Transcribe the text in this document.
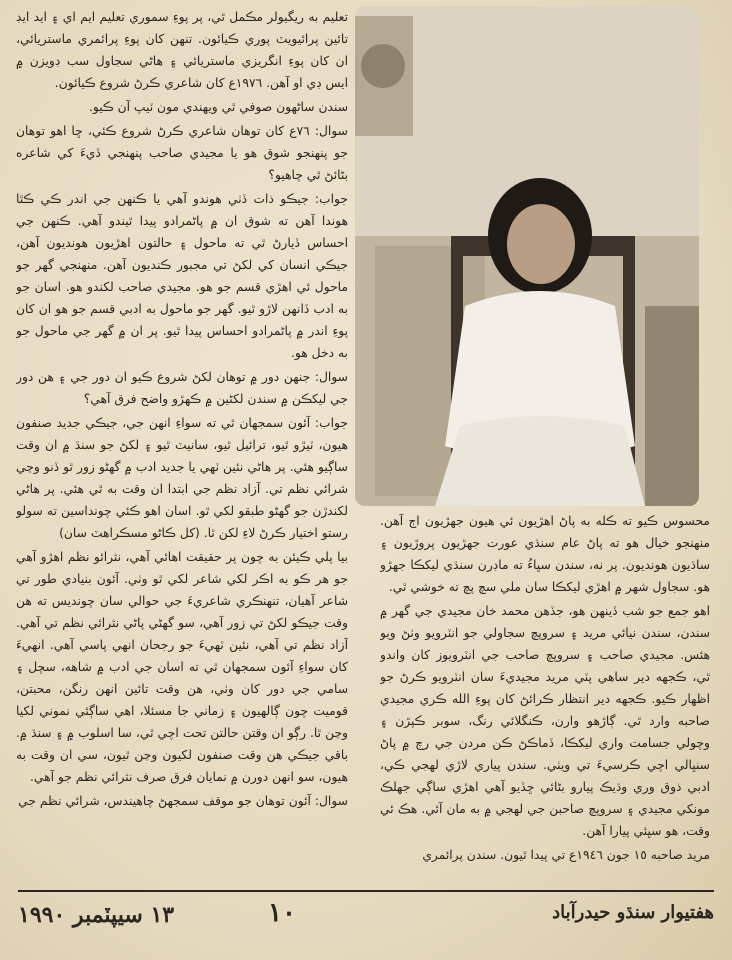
تعليم به ريگيولر مڪمل ٿي، پر پوءِ سموري تعليم ايم اي ۽ ايد ايڊ تائين پرائيويٽ پوري ڪيائون. تنهن کان پوءِ پرائمري ماستريائي، ان کان پوءِ انگريزي ماستريائي ۽ هاڻي سجاول سب ڊويزن ۾ ايس ڊي او آهن. ١٩٧٦ع کان شاعري ڪرڻ شروع ڪيائون.

سندن ساڻهون صوفي ٿي ويهندي مون ٽيپ آن ڪيو.

سوال: ٧٦ع کان توهان شاعري ڪرڻ شروع ڪئي، ڇا اهو توهان جو پنهنجو شوق هو يا مجيدي صاحب پنهنجي ڏيءَ کي شاعره بڻائڻ ٿي چاهيو؟

جواب: جيڪو ذات ڏٺي هوندو آهي يا ڪنهن جي اندر ڪي ڪٿا هوندا آهن ته شوق ان ۾ پاڻمرادو پيدا ٿيندو آهي. ڪنهن جي احساس ڏيارڻ ٿي ته ماحول ۽ حالتون اهڙيون هونديون آهن، جيڪي انسان کي لکڻ تي مجبور ڪنديون آهن. منهنجي گهر جو ماحول ئي اهڙي قسم جو هو. مجيدي صاحب لکندو هو. اسان جو به ادب ڏانهن لاڙو ٿيو. گهر جو ماحول به ادبي قسم جو هو ان کان پوءِ اندر ۾ پاڻمرادو احساس پيدا ٿيو. پر ان ۾ گهر جي ماحول جو به دخل هو.

سوال: جنهن دور ۾ توهان لکڻ شروع ڪيو ان دور جي ۽ هن دور جي ليکڪن ۾ سندن لکڻين ۾ ڪهڙو واضح فرق آهي؟

جواب: آئون سمجهان ٿي ته سواءِ انهن جي، جيڪي جديد صنفون هيون، ٽيڙو ٿيو، ترائيل ٿيو، سانيٽ ٿيو ۽ لکڻ جو سنڌ ۾ ان وقت ساڳيو هئي. پر هاڻي نئين ٽهي يا جديد ادب ۾ گهڻو زور ٿو ڏنو وڃي شرائي نظم تي. آزاد نظم جي ابتدا ان وقت به ٿي هئي. پر هاڻي لکندڙن جو گهڻو طبقو لکي ٿو. اسان اهو ڪئي چونداسين ته سولو رستو اختيار ڪرڻ لاءِ لکن ٿا. (کل ڪاڻو مسڪراهٽ سان)

بيا پلي ڪيئن به چون پر حقيقت اهائي آهي، نثرائو نظم اهڙو آهي جو هر ڪو به اڪر لکي شاعر لکي ٿو وٺي. آئون بنيادي طور تي شاعر آهيان، تنهنڪري شاعريءَ جي حوالي سان چونديس ته هن وقت جيڪو لکڻ تي زور آهي، سو گهڻي پاڻي نثرائي نظم تي آهي. آزاد نظم تي آهي، نئين ٽهيءَ جو رجحان انهي پاسي آهي. انهيءَ کان سواءِ آئون سمجهان ٿي ته اسان جي ادب ۾ شاهه، سچل ۽ سامي جي دور کان وٺي، هن وقت تائين انهن رنگن، محبتن، قوميت چون ڳالهيون ۽ زماني جا مسئلا، اهي ساڳئي نموني لکيا وڃن ٿا. رڳو ان وقتن حالتن تحت اچي ٿي، سا اسلوب ۾ ۽ سنڌ ۾. باقي جيڪي هن وقت صنفون لکيون وڃن ٿيون، سي ان وقت به هيون، سو انهن دورن ۾ نمايان فرق صرف نثرائي نظم جو آهي.

سوال: آئون توهان جو موقف سمجهڻ چاهيندس، شرائي نظم جي

محسوس ڪيو ته ڪله به پاڻ اهڙيون ئي هيون جهڙيون اڄ آهن. منهنجو خيال هو ته پاڻ عام سنڌي عورت جهڙيون پروڙيون ۽ ساڌيون هونديون. پر نه، سندن سڀاءُ ته ماڊرن سنڌي ليکڪا جهڙو هو. سجاول شهر ۾ اهڙي ليکڪا سان ملي سچ پچ ته خوشي ٿي.

اهو جمع جو شب ڏينهن هو، جڏهن محمد خان مجيدي جي گهر ۾ سندن، سندن نيائي مريد ۽ سروپچ سجاولي جو انٽرويو وٺڻ ويو هئس. مجيدي صاحب ۽ سروپچ صاحب جي انٽرويوز کان واندو ٿي، ڪجهه دير ساهي پٽي مريد مجيديءَ سان انٽرويو ڪرڻ جو اظهار ڪيو. ڪجهه دير انتظار ڪرائڻ کان پوءِ الله ڪري مجيدي صاحبه وارد ٿي. ڳاڙهو وارن، ڪنگلائي رنگ، سوبر ڪپڙن ۽ وچولي جسامت واري ليکڪا، ڏماڪڻ ڪن مردن جي رچ ۾ پاڻ سنڀالي اچي ڪرسيءَ تي ويٺي. سندن پياري لاڙي لهجي ڪي، ادبي ذوق وري وڌيڪ پيارو بڻائي ڇڏيو آهي اهڙي ساڳي جهلڪ مونکي مجيدي ۽ سروپچ صاحبن جي لهجي ۾ به مان آئي. هڪ ئي وقت، هو سڀئي پيارا آهن.

مريد صاحبه ١٥ جون ١٩٤٦ع تي پيدا ٿيون. سندن پرائمري

١٣ سيپٽمبر ١٩٩٠	١٠	هفتيوار سنڌو حيدرآباد
